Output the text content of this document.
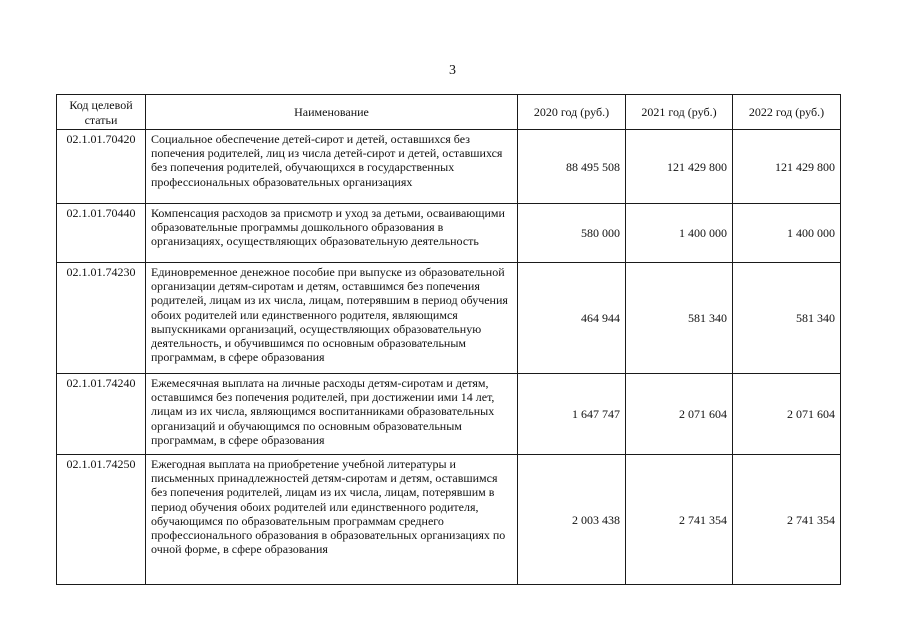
3
Код целевой статьи	Наименование	2020 год (руб.)	2021 год (руб.)	2022 год (руб.)
02.1.01.70420	Социальное обеспечение детей-сирот и детей, оставшихся без попечения родителей, лиц из числа детей-сирот и детей, оставшихся без попечения родителей, обучающихся в государственных профессиональных образовательных организациях	88 495 508	121 429 800	121 429 800
02.1.01.70440	Компенсация расходов за присмотр и уход за детьми, осваивающими образовательные программы дошкольного образования в организациях, осуществляющих образовательную деятельность	580 000	1 400 000	1 400 000
02.1.01.74230	Единовременное денежное пособие при выпуске из образовательной организации детям-сиротам и детям, оставшимся без попечения родителей, лицам из их числа, лицам, потерявшим в период обучения обоих родителей или единственного родителя, являющимся выпускниками организаций, осуществляющих образовательную деятельность, и обучившимся по основным образовательным программам, в сфере образования	464 944	581 340	581 340
02.1.01.74240	Ежемесячная выплата на личные расходы детям-сиротам и детям, оставшимся без попечения родителей, при достижении ими 14 лет, лицам из их числа, являющимся воспитанниками образовательных организаций и обучающимся по основным образовательным программам, в сфере образования	1 647 747	2 071 604	2 071 604
02.1.01.74250	Ежегодная выплата на приобретение учебной литературы и письменных принадлежностей детям-сиротам и детям, оставшимся без попечения родителей, лицам из их числа, лицам, потерявшим в период обучения обоих родителей или единственного родителя, обучающимся по образовательным программам среднего профессионального образования в образовательных организациях по очной форме, в сфере образования	2 003 438	2 741 354	2 741 354
